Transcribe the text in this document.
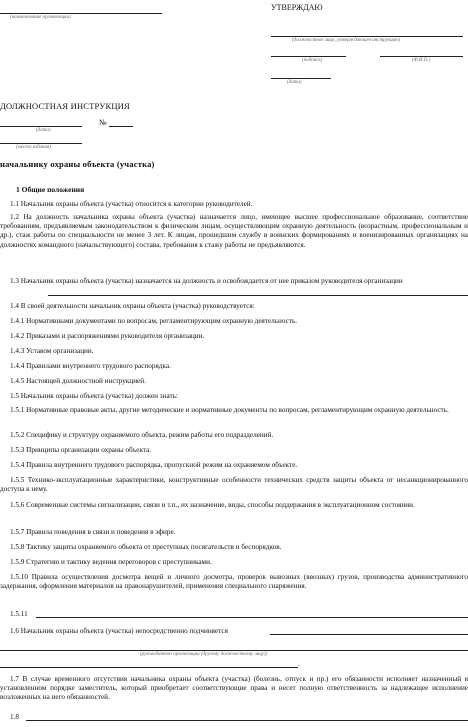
(наименование организации)
УТВЕРЖДАЮ
(должностное лицо, утверждающее инструкцию)
(подпись)	(Ф.И.О.)
(дата)
ДОЛЖНОСТНАЯ ИНСТРУКЦИЯ
№
(дата)
(место издания)
начальнику охраны объекта (участка)
1 Общие положения
1.1 Начальник охраны объекта (участка) относится к категории руководителей.
1.2 На должность начальника охраны объекта (участка) назначается лицо, имеющее высшее профессиональное образование, соответствие требованиям, предъявляемым законодательством к физическим лицам, осуществляющим охранную деятельность (возрастным, профессиональным и др.), стаж работы по специальности не менее 3 лет. К лицам, прошедшим службу в воинских формированиях и военизированных организациях на должностях командного (начальствующего) состава, требования к стажу работы не предъявляются.
1.3 Начальник охраны объекта (участка) назначается на должность и освобождается от нее приказом руководителя организации
1.4 В своей деятельности начальник охраны объекта (участка) руководствуется:
1.4.1 Нормативными документами по вопросам, регламентирующим охранную деятельность.
1.4.2 Приказами и распоряжениями руководителя организации.
1.4.3 Уставом организации.
1.4.4 Правилами внутреннего трудового распорядка.
1.4.5 Настоящей должностной инструкцией.
1.5 Начальник охраны объекта (участка) должен знать:
1.5.1 Нормативные правовые акты, другие методические и нормативные документы по вопросам, регламентирующим охранную деятельность.
1.5.2 Специфику и структуру охраняемого объекта, режим работы его подразделений.
1.5.3 Принципы организации охраны объекта.
1.5.4 Правила внутреннего трудового распорядка, пропускной режим на охраняемом объекте.
1.5.5 Технико-эксплуатационные характеристики, конструктивные особенности технических средств защиты объекта от несанкционированного доступа к нему.
1.5.6 Современные системы сигнализации, связи и т.п., их назначение, виды, способы поддержания в эксплуатационном состоянии.
1.5.7 Правила поведения в связи и поведения в эфире.
1.5.8 Тактику защиты охраняемого объекта от преступных посягательств и беспорядков.
1.5.9 Стратегию и тактику ведения переговоров с преступниками.
1.5.10 Правила осуществления досмотра вещей и личного досмотра, проверок вывозных (ввозных) грузов, производства административного задержания, оформления материалов на правонарушителей, применения специального снаряжения.
1.5.11
1.6 Начальник охраны объекта (участка) непосредственно подчиняется
(руководителю организации (другому должностному лицу))
.
1.7 В случае временного отсутствия начальника охраны объекта (участка) (болезнь, отпуск и пр.) его обязанности исполняет назначенный в установленном порядке заместитель, который приобретает соответствующие права и несет полную ответственность за надлежащее исполнение возложенных на него обязанностей.
1.8
